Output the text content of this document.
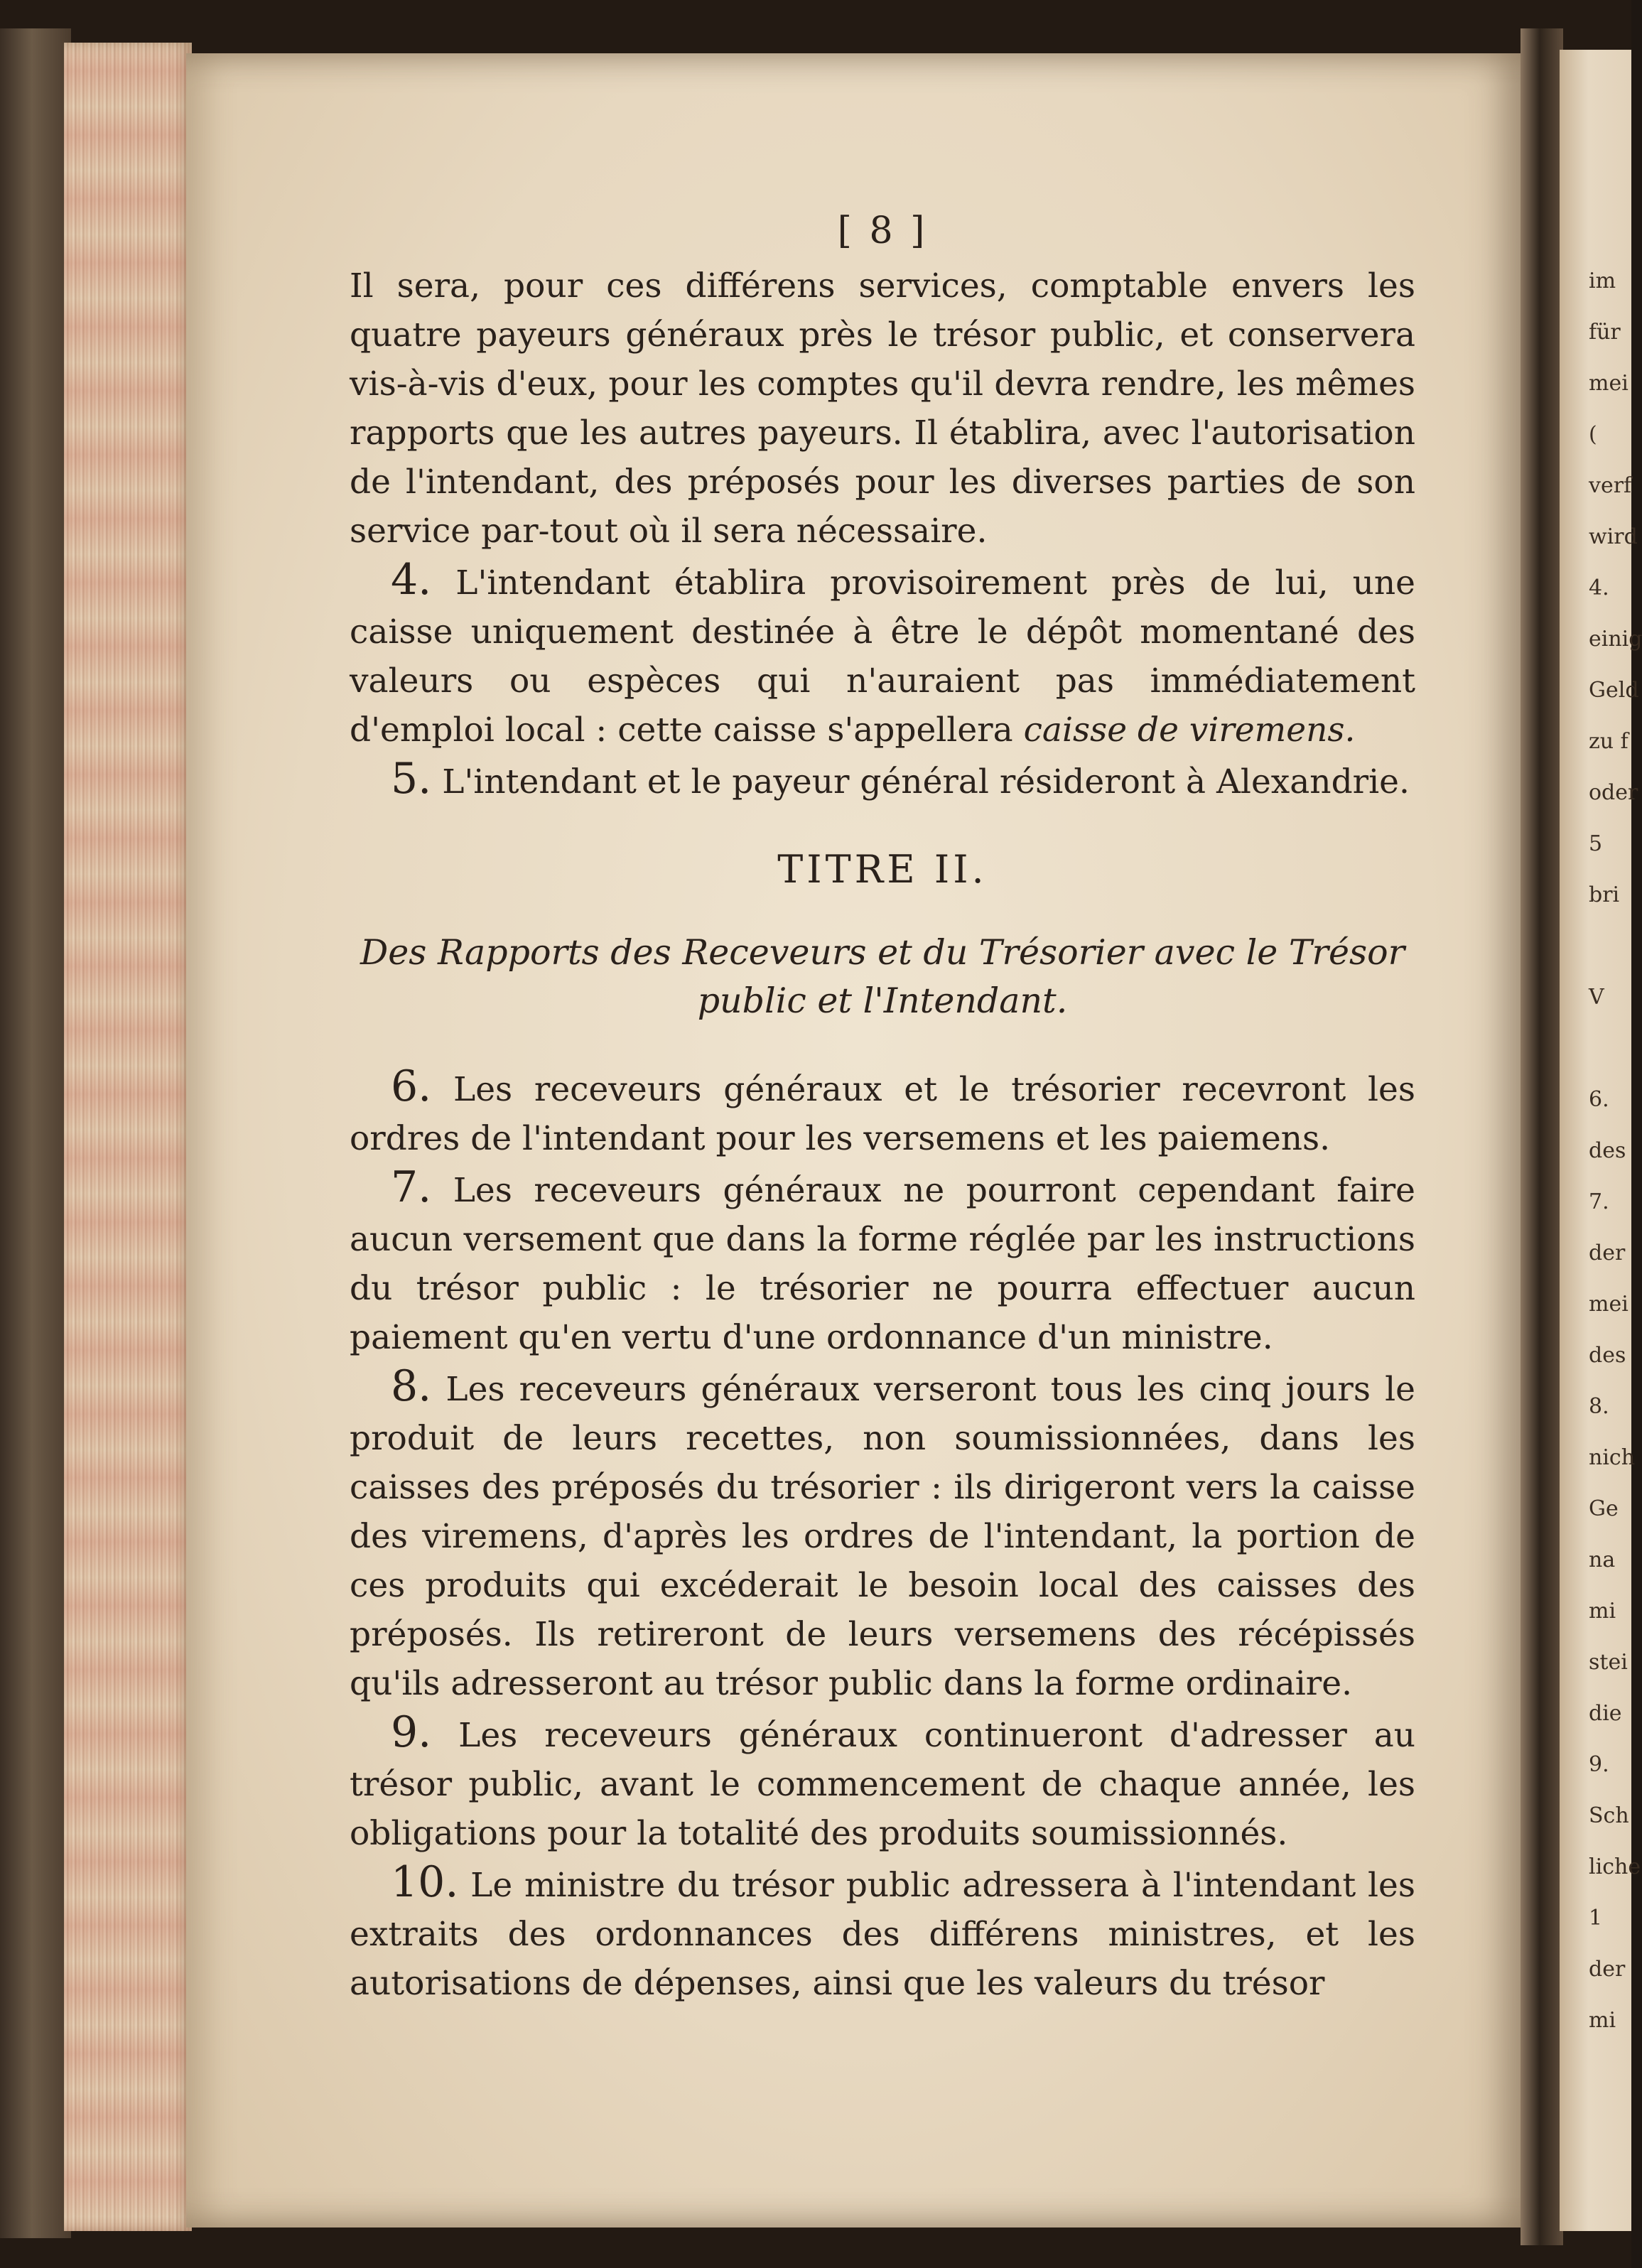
im
für
mei
(
verf
wird
4.
einig
Geld
zu f
oder
5
bri
V
6.
des
7.
der
mei
des
8.
nich
Ge
na
mi
stei
die
9.
Sch
liche
1
der
mi
[ 8 ]

Il sera, pour ces différens services, comptable envers les quatre payeurs généraux près le trésor public, et conservera vis-à-vis d'eux, pour les comptes qu'il devra rendre, les mêmes rapports que les autres payeurs. Il établira, avec l'autorisation de l'intendant, des préposés pour les diverses parties de son service par-tout où il sera nécessaire.

4. L'intendant établira provisoirement près de lui, une caisse uniquement destinée à être le dépôt momentané des valeurs ou espèces qui n'auraient pas immédiatement d'emploi local : cette caisse s'appellera caisse de viremens.

5. L'intendant et le payeur général résideront à Alexandrie.

TITRE II.
Des Rapports des Receveurs et du Trésorier avec le Trésor public et l'Intendant.

6. Les receveurs généraux et le trésorier recevront les ordres de l'intendant pour les versemens et les paiemens.

7. Les receveurs généraux ne pourront cependant faire aucun versement que dans la forme réglée par les instructions du trésor public : le trésorier ne pourra effectuer aucun paiement qu'en vertu d'une ordonnance d'un ministre.

8. Les receveurs généraux verseront tous les cinq jours le produit de leurs recettes, non soumissionnées, dans les caisses des préposés du trésorier : ils dirigeront vers la caisse des viremens, d'après les ordres de l'intendant, la portion de ces produits qui excéderait le besoin local des caisses des préposés. Ils retireront de leurs versemens des récépissés qu'ils adresseront au trésor public dans la forme ordinaire.

9. Les receveurs généraux continueront d'adresser au trésor public, avant le commencement de chaque année, les obligations pour la totalité des produits soumissionnés.

10. Le ministre du trésor public adressera à l'intendant les extraits des ordonnances des différens ministres, et les autorisations de dépenses, ainsi que les valeurs du trésor
